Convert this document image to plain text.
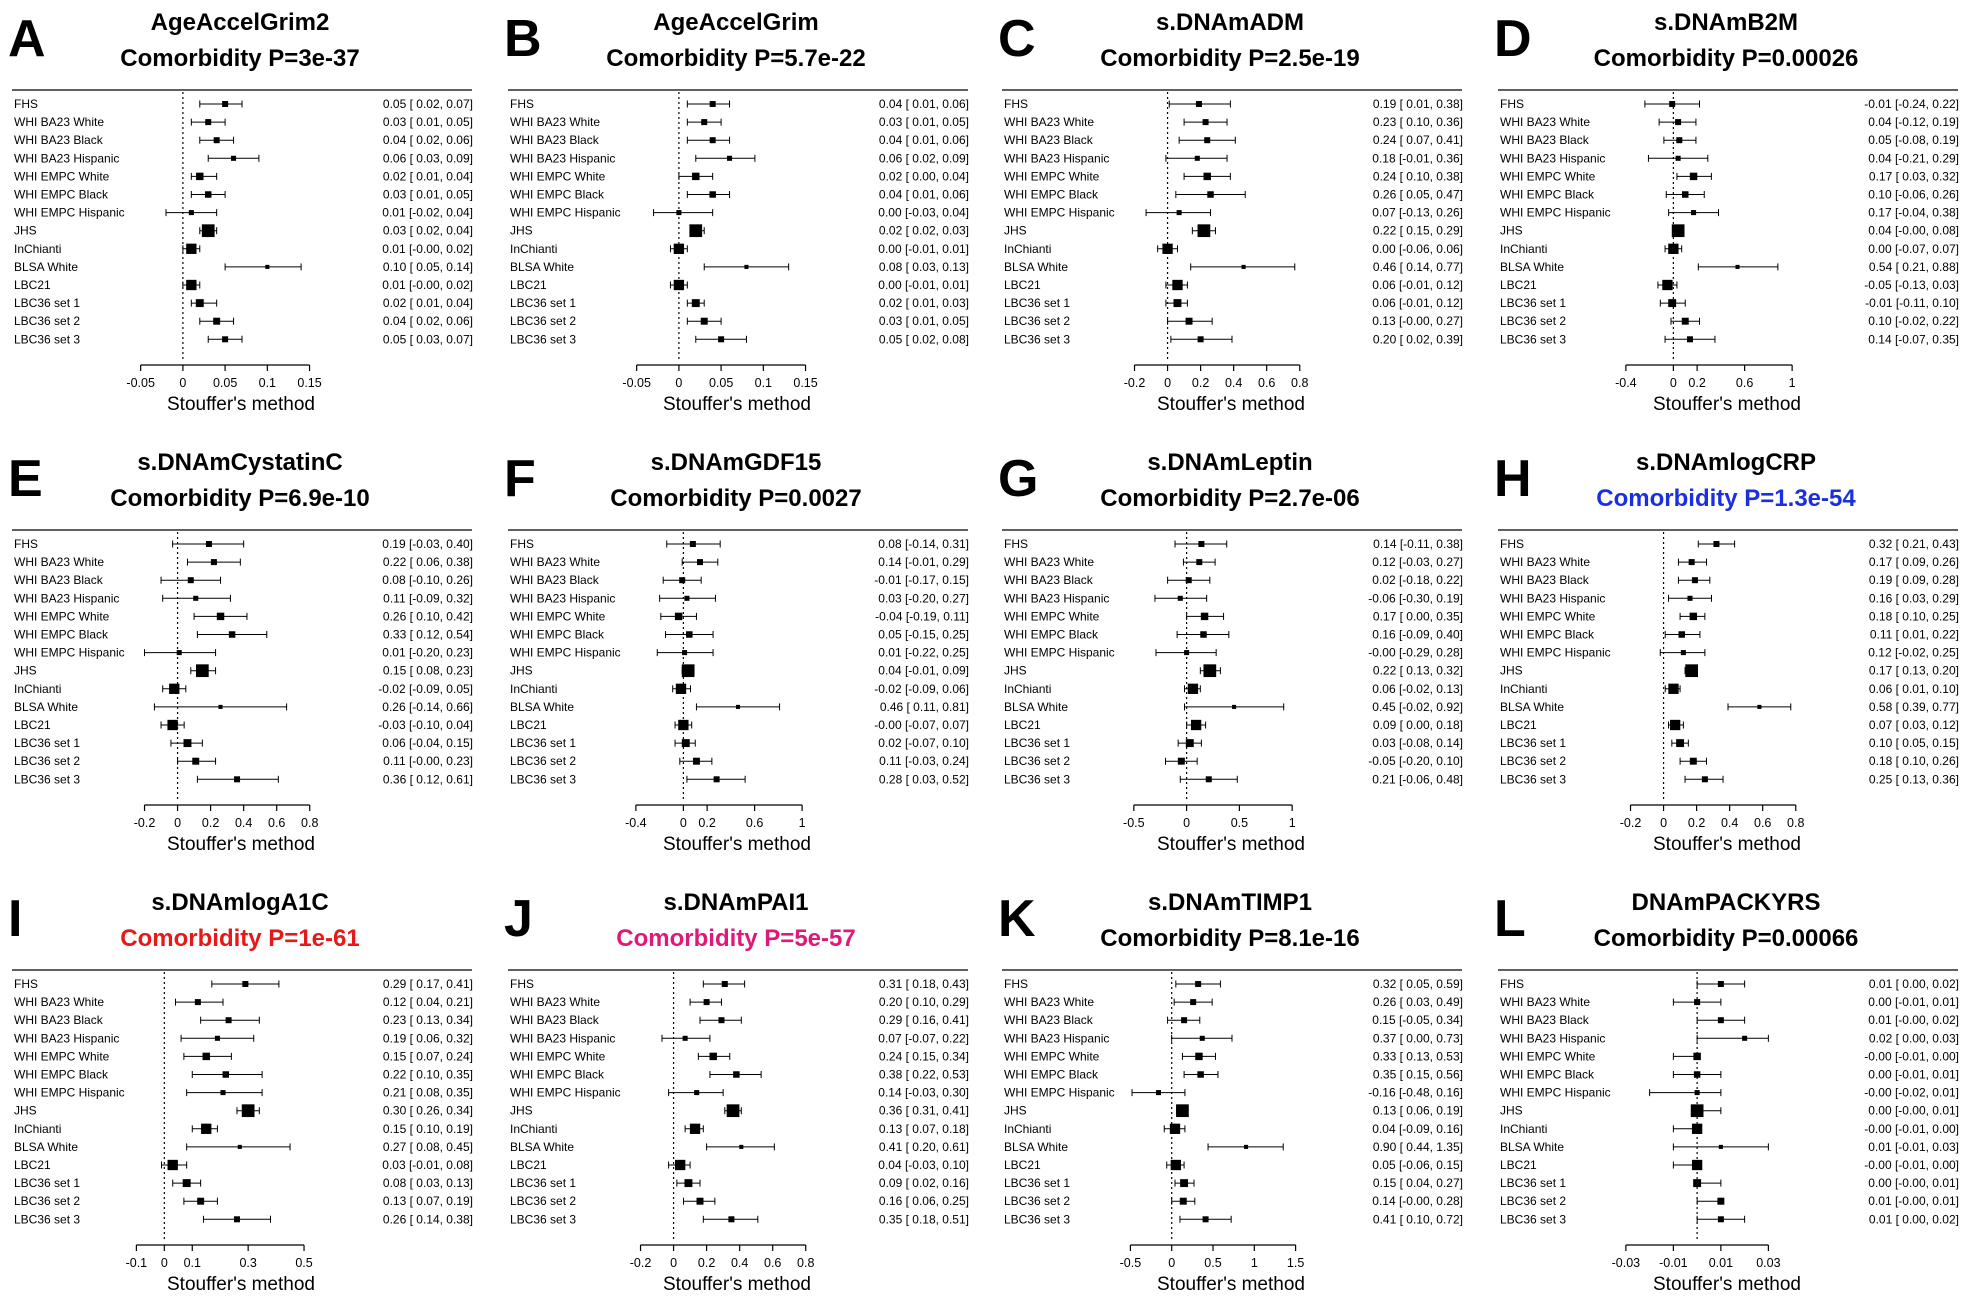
A	AgeAccelGrim2
Comorbidity P=3e-37
FHS	0.05 [ 0.02, 0.07]
WHI BA23 White	0.03 [ 0.01, 0.05]
WHI BA23 Black	0.04 [ 0.02, 0.06]
WHI BA23 Hispanic	0.06 [ 0.03, 0.09]
WHI EMPC White	0.02 [ 0.01, 0.04]
WHI EMPC Black	0.03 [ 0.01, 0.05]
WHI EMPC Hispanic	0.01 [-0.02, 0.04]
JHS	0.03 [ 0.02, 0.04]
InChianti	0.01 [-0.00, 0.02]
BLSA White	0.10 [ 0.05, 0.14]
LBC21	0.01 [-0.00, 0.02]
LBC36 set 1	0.02 [ 0.01, 0.04]
LBC36 set 2	0.04 [ 0.02, 0.06]
LBC36 set 3	0.05 [ 0.03, 0.07]
-0.05 0 0.05 0.1 0.15
Stouffer's method
B	AgeAccelGrim
Comorbidity P=5.7e-22
FHS	0.04 [ 0.01, 0.06]
WHI BA23 White	0.03 [ 0.01, 0.05]
WHI BA23 Black	0.04 [ 0.01, 0.06]
WHI BA23 Hispanic	0.06 [ 0.02, 0.09]
WHI EMPC White	0.02 [ 0.00, 0.04]
WHI EMPC Black	0.04 [ 0.01, 0.06]
WHI EMPC Hispanic	0.00 [-0.03, 0.04]
JHS	0.02 [ 0.02, 0.03]
InChianti	0.00 [-0.01, 0.01]
BLSA White	0.08 [ 0.03, 0.13]
LBC21	0.00 [-0.01, 0.01]
LBC36 set 1	0.02 [ 0.01, 0.03]
LBC36 set 2	0.03 [ 0.01, 0.05]
LBC36 set 3	0.05 [ 0.02, 0.08]
-0.05 0 0.05 0.1 0.15
Stouffer's method
C	s.DNAmADM
Comorbidity P=2.5e-19
FHS	0.19 [ 0.01, 0.38]
WHI BA23 White	0.23 [ 0.10, 0.36]
WHI BA23 Black	0.24 [ 0.07, 0.41]
WHI BA23 Hispanic	0.18 [-0.01, 0.36]
WHI EMPC White	0.24 [ 0.10, 0.38]
WHI EMPC Black	0.26 [ 0.05, 0.47]
WHI EMPC Hispanic	0.07 [-0.13, 0.26]
JHS	0.22 [ 0.15, 0.29]
InChianti	0.00 [-0.06, 0.06]
BLSA White	0.46 [ 0.14, 0.77]
LBC21	0.06 [-0.01, 0.12]
LBC36 set 1	0.06 [-0.01, 0.12]
LBC36 set 2	0.13 [-0.00, 0.27]
LBC36 set 3	0.20 [ 0.02, 0.39]
-0.2 0 0.2 0.4 0.6 0.8
Stouffer's method
D	s.DNAmB2M
Comorbidity P=0.00026
FHS	-0.01 [-0.24, 0.22]
WHI BA23 White	0.04 [-0.12, 0.19]
WHI BA23 Black	0.05 [-0.08, 0.19]
WHI BA23 Hispanic	0.04 [-0.21, 0.29]
WHI EMPC White	0.17 [ 0.03, 0.32]
WHI EMPC Black	0.10 [-0.06, 0.26]
WHI EMPC Hispanic	0.17 [-0.04, 0.38]
JHS	0.04 [-0.00, 0.08]
InChianti	0.00 [-0.07, 0.07]
BLSA White	0.54 [ 0.21, 0.88]
LBC21	-0.05 [-0.13, 0.03]
LBC36 set 1	-0.01 [-0.11, 0.10]
LBC36 set 2	0.10 [-0.02, 0.22]
LBC36 set 3	0.14 [-0.07, 0.35]
-0.4	0 0.2 0.6	1
Stouffer's method
E	s.DNAmCystatinC
Comorbidity P=6.9e-10
FHS	0.19 [-0.03, 0.40]
WHI BA23 White	0.22 [ 0.06, 0.38]
WHI BA23 Black	0.08 [-0.10, 0.26]
WHI BA23 Hispanic	0.11 [-0.09, 0.32]
WHI EMPC White	0.26 [ 0.10, 0.42]
WHI EMPC Black	0.33 [ 0.12, 0.54]
WHI EMPC Hispanic	0.01 [-0.20, 0.23]
JHS	0.15 [ 0.08, 0.23]
InChianti	-0.02 [-0.09, 0.05]
BLSA White	0.26 [-0.14, 0.66]
LBC21	-0.03 [-0.10, 0.04]
LBC36 set 1	0.06 [-0.04, 0.15]
LBC36 set 2	0.11 [-0.00, 0.23]
LBC36 set 3	0.36 [ 0.12, 0.61]
-0.2 0 0.2 0.4 0.6 0.8
Stouffer's method
F	s.DNAmGDF15
Comorbidity P=0.0027
FHS	0.08 [-0.14, 0.31]
WHI BA23 White	0.14 [-0.01, 0.29]
WHI BA23 Black	-0.01 [-0.17, 0.15]
WHI BA23 Hispanic	0.03 [-0.20, 0.27]
WHI EMPC White	-0.04 [-0.19, 0.11]
WHI EMPC Black	0.05 [-0.15, 0.25]
WHI EMPC Hispanic	0.01 [-0.22, 0.25]
JHS	0.04 [-0.01, 0.09]
InChianti	-0.02 [-0.09, 0.06]
BLSA White	0.46 [ 0.11, 0.81]
LBC21	-0.00 [-0.07, 0.07]
LBC36 set 1	0.02 [-0.07, 0.10]
LBC36 set 2	0.11 [-0.03, 0.24]
LBC36 set 3	0.28 [ 0.03, 0.52]
-0.4	0 0.2 0.6	1
Stouffer's method
G	s.DNAmLeptin
Comorbidity P=2.7e-06
FHS	0.14 [-0.11, 0.38]
WHI BA23 White	0.12 [-0.03, 0.27]
WHI BA23 Black	0.02 [-0.18, 0.22]
WHI BA23 Hispanic	-0.06 [-0.30, 0.19]
WHI EMPC White	0.17 [ 0.00, 0.35]
WHI EMPC Black	0.16 [-0.09, 0.40]
WHI EMPC Hispanic	-0.00 [-0.29, 0.28]
JHS	0.22 [ 0.13, 0.32]
InChianti	0.06 [-0.02, 0.13]
BLSA White	0.45 [-0.02, 0.92]
LBC21	0.09 [ 0.00, 0.18]
LBC36 set 1	0.03 [-0.08, 0.14]
LBC36 set 2	-0.05 [-0.20, 0.10]
LBC36 set 3	0.21 [-0.06, 0.48]
-0.5	0	0.5	1
Stouffer's method
H	s.DNAmlogCRP
Comorbidity P=1.3e-54
FHS	0.32 [ 0.21, 0.43]
WHI BA23 White	0.17 [ 0.09, 0.26]
WHI BA23 Black	0.19 [ 0.09, 0.28]
WHI BA23 Hispanic	0.16 [ 0.03, 0.29]
WHI EMPC White	0.18 [ 0.10, 0.25]
WHI EMPC Black	0.11 [ 0.01, 0.22]
WHI EMPC Hispanic	0.12 [-0.02, 0.25]
JHS	0.17 [ 0.13, 0.20]
InChianti	0.06 [ 0.01, 0.10]
BLSA White	0.58 [ 0.39, 0.77]
LBC21	0.07 [ 0.03, 0.12]
LBC36 set 1	0.10 [ 0.05, 0.15]
LBC36 set 2	0.18 [ 0.10, 0.26]
LBC36 set 3	0.25 [ 0.13, 0.36]
-0.2 0 0.2 0.4 0.6 0.8
Stouffer's method
I	s.DNAmlogA1C
Comorbidity P=1e-61
FHS	0.29 [ 0.17, 0.41]
WHI BA23 White	0.12 [ 0.04, 0.21]
WHI BA23 Black	0.23 [ 0.13, 0.34]
WHI BA23 Hispanic	0.19 [ 0.06, 0.32]
WHI EMPC White	0.15 [ 0.07, 0.24]
WHI EMPC Black	0.22 [ 0.10, 0.35]
WHI EMPC Hispanic	0.21 [ 0.08, 0.35]
JHS	0.30 [ 0.26, 0.34]
InChianti	0.15 [ 0.10, 0.19]
BLSA White	0.27 [ 0.08, 0.45]
LBC21	0.03 [-0.01, 0.08]
LBC36 set 1	0.08 [ 0.03, 0.13]
LBC36 set 2	0.13 [ 0.07, 0.19]
LBC36 set 3	0.26 [ 0.14, 0.38]
-0.1 0 0.1	0.3	0.5
Stouffer's method
J	s.DNAmPAI1
Comorbidity P=5e-57
FHS	0.31 [ 0.18, 0.43]
WHI BA23 White	0.20 [ 0.10, 0.29]
WHI BA23 Black	0.29 [ 0.16, 0.41]
WHI BA23 Hispanic	0.07 [-0.07, 0.22]
WHI EMPC White	0.24 [ 0.15, 0.34]
WHI EMPC Black	0.38 [ 0.22, 0.53]
WHI EMPC Hispanic	0.14 [-0.03, 0.30]
JHS	0.36 [ 0.31, 0.41]
InChianti	0.13 [ 0.07, 0.18]
BLSA White	0.41 [ 0.20, 0.61]
LBC21	0.04 [-0.03, 0.10]
LBC36 set 1	0.09 [ 0.02, 0.16]
LBC36 set 2	0.16 [ 0.06, 0.25]
LBC36 set 3	0.35 [ 0.18, 0.51]
-0.2 0 0.2 0.4 0.6 0.8
Stouffer's method
K	s.DNAmTIMP1
Comorbidity P=8.1e-16
FHS	0.32 [ 0.05, 0.59]
WHI BA23 White	0.26 [ 0.03, 0.49]
WHI BA23 Black	0.15 [-0.05, 0.34]
WHI BA23 Hispanic	0.37 [ 0.00, 0.73]
WHI EMPC White	0.33 [ 0.13, 0.53]
WHI EMPC Black	0.35 [ 0.15, 0.56]
WHI EMPC Hispanic	-0.16 [-0.48, 0.16]
JHS	0.13 [ 0.06, 0.19]
InChianti	0.04 [-0.09, 0.16]
BLSA White	0.90 [ 0.44, 1.35]
LBC21	0.05 [-0.06, 0.15]
LBC36 set 1	0.15 [ 0.04, 0.27]
LBC36 set 2	0.14 [-0.00, 0.28]
LBC36 set 3	0.41 [ 0.10, 0.72]
-0.5 0 0.5 1 1.5
Stouffer's method
L	DNAmPACKYRS
Comorbidity P=0.00066
FHS	0.01 [ 0.00, 0.02]
WHI BA23 White	0.00 [-0.01, 0.01]
WHI BA23 Black	0.01 [-0.00, 0.02]
WHI BA23 Hispanic	0.02 [ 0.00, 0.03]
WHI EMPC White	-0.00 [-0.01, 0.00]
WHI EMPC Black	0.00 [-0.01, 0.01]
WHI EMPC Hispanic	-0.00 [-0.02, 0.01]
JHS	0.00 [-0.00, 0.01]
InChianti	-0.00 [-0.01, 0.00]
BLSA White	0.01 [-0.01, 0.03]
LBC21	-0.00 [-0.01, 0.00]
LBC36 set 1	0.00 [-0.00, 0.01]
LBC36 set 2	0.01 [-0.00, 0.01]
LBC36 set 3	0.01 [ 0.00, 0.02]
-0.03 -0.01 0.01 0.03
Stouffer's method
